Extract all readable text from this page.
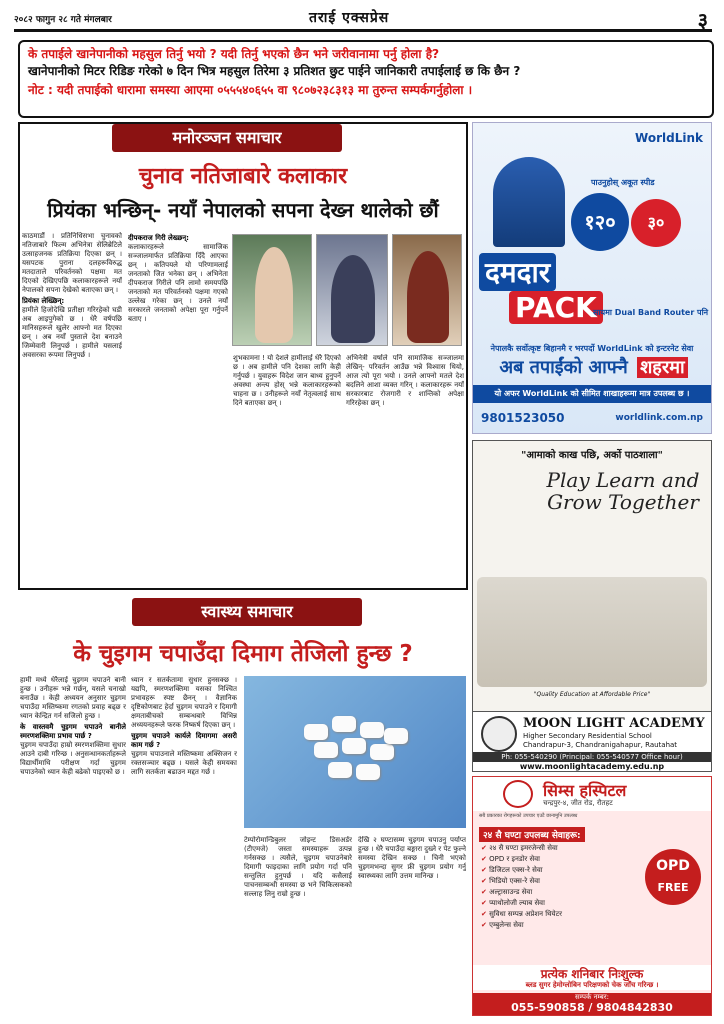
२०८२ फागुन २८ गते मंगलबार	तराई एक्सप्रेस	३

के तपाईले खानेपानीको महसुल तिर्नु भयो ? यदी तिर्नु भएको छैन भने जरीवानामा पर्नु होला है?

खानेपानीको मिटर रिडिङ गरेको ७ दिन भित्र महसुल तिरेमा ३ प्रतिशत छुट पाईने जानिकारी तपाईलाई छ कि छैन ?

नोट : यदी तपाईको धारामा समस्या आएमा ०५५५४०६५५ वा ९८०७२३८३१३ मा तुरुन्त सम्पर्कगर्नुहोला ।

मनोरञ्जन समाचार
चुनाव नतिजाबारे कलाकार
प्रियंका भन्छिन्- नयाँ नेपालको सपना देख्न थालेको छौं
काठमाडौं । प्रतिनिधिसभा चुनावको नतिजाबारे फिल्म अभिनेत्रा सेलिब्रेटिले उत्साहजनक प्रतिक्रिया दिएका छन् । यसपटक पुराना दलहरूविरुद्ध मतदाताले परिवर्तनको पक्षमा मत दिएको देखिएपछि कलाकारहरूले नयाँ नेपालको सपना देखेको बताएका छन् ।
प्रियंका लेख्छिन्:
हामीले हिजोदेखि प्रतीक्षा गरिरहेको घडी अब आइपुगेको छ । धेरै वर्षपछि मानिसहरूले खुलेर आफ्नो मत दिएका छन् । अब नयाँ पुस्ताले देश बनाउने जिम्मेवारी लिनुपर्छ । हामीले यसलाई अवसरका रूपमा लिनुपर्छ ।
दीपकराज गिरी लेख्छन्:
कलाकारहरूले सामाजिक सञ्जालमार्फत प्रतिक्रिया दिँदै आएका छन् । कतिपयले यो परिणामलाई जनताको जित भनेका छन् । अभिनेता दीपकराज गिरीले पनि लामो समयपछि जनताको मत परिवर्तनको पक्षमा गएको उल्लेख गरेका छन् । उनले नयाँ सरकारले जनताको अपेक्षा पूरा गर्नुपर्ने बताए ।
शुभकामना ! यो देशले हामीलाई धेरै दिएको छ । अब हामीले पनि देशका लागि केही गर्नुपर्छ । युवाहरू विदेश जान बाध्य हुनुपर्ने अवस्था अन्त्य होस् भन्ने कलाकारहरूको चाहना छ । उनीहरूले नयाँ नेतृत्वलाई साथ दिने बताएका छन् ।
अभिनेत्री वर्षाले पनि सामाजिक सञ्जालमा लेखिन्- परिवर्तन आउँछ भन्ने विश्वास थियो, आज त्यो पूरा भयो । उनले आफ्नो मतले देश बदलिने आशा व्यक्त गरिन् । कलाकारहरू नयाँ सरकारबाट रोजगारी र शान्तिको अपेक्षा गरिरहेका छन् ।
स्वास्थ्य समाचार
के चुइगम चपाउँदा दिमाग तेजिलो हुन्छ ?
हामी मध्ये धेरैलाई चुइगम चपाउने बानी हुन्छ । उनीहरू भन्ने गर्छन्, यसले चनाखो बनाउँछ । केही अध्ययन अनुसार चुइगम चपाउँदा मस्तिष्कमा रगतको प्रवाह बढ्छ र ध्यान केन्द्रित गर्न सजिलो हुन्छ ।
के वास्तवमै चुइगम चपाउने बानीले स्मरणशक्तिमा प्रभाव पार्छ ?
चुइगम चपाउँदा हाम्रो स्मरणशक्तिमा सुधार आउने दाबी गरिन्छ । अनुसन्धानकर्ताहरूले विद्यार्थीमाथि परीक्षण गर्दा चुइगम चपाउनेको ध्यान केही बढेको पाइएको छ ।
ध्यान र सतर्कतामा सुधार हुनसक्छ । यद्यपि, स्मरणशक्तिमा यसका निश्चित प्रभावहरू स्पष्ट छैनन् । वैज्ञानिक दृष्टिकोणबाट हेर्दा चुइगम चपाउने र दिमागी क्षमताबीचको सम्बन्धबारे विभिन्न अध्ययनहरूले फरक निष्कर्ष दिएका छन् ।
चुइगम चपाउने कार्यले दिमागमा असरी काम गर्छ ?
चुइगम चपाउनाले मस्तिष्कमा अक्सिजन र रक्तसञ्चार बढ्छ । यसले केही समयका लागि सतर्कता बढाउन मद्दत गर्छ ।
टेम्पोरोमान्डिबुलर जोइन्ट डिसअर्डर (टीएमजे) जस्ता समस्याहरू उत्पन्न गर्नसक्छ । त्यसैले, चुइगम चपाउनेबारे दिमागी फाइदाका लागि प्रयोग गर्दा पनि सन्तुलित हुनुपर्छ । यदि कसैलाई पाचनसम्बन्धी समस्या छ भने चिकित्सकको सल्लाह लिनु राम्रो हुन्छ ।
देखि २ घण्टासम्म चुइगम चपाउनु पर्याप्त हुन्छ । धेरै चपाउँदा बङ्गारा दुख्ने र पेट फुल्ने समस्या देखिन सक्छ । चिनी भएको चुइगमभन्दा सुगर फ्री चुइगम प्रयोग गर्नु स्वास्थ्यका लागि उत्तम मानिन्छ ।
WorldLink
पाउनुहोस् अकूत स्पीड
१२०	३०
दमदार
PACK
सायमा Dual Band Router पनि
नेपालकै सर्वोत्कृष्ट बिहानमै र भरपर्दो WorldLink को इन्टरनेट सेवा
अब तपाईंको आफ्नै शहरमा
यो अफर WorldLink को सीमित शाखाहरूमा मात्र उपलब्ध छ ।
9801523050	worldlink.com.np
"आमाको काख पछि, अर्को पाठशाला"
Play Learn and Grow Together
"Quality Education at Affordable Price"
MOON LIGHT ACADEMY
Higher Secondary Residential School
Chandrapur-3, Chandranigahapur, Rautahat
Ph: 055-540290 (Principal: 055-540577 Office hour)
www.moonlightacademy.edu.np
सिम्स हस्पिटल
चन्द्रपुर-४, जीत रोड, रौतहट
सबै प्रकारका रोगहरूको उपचार एउटै छानामुनि उपलब्ध
२४ सै घण्टा उपलब्ध सेवाहरू:
✔ २४ सै घण्टा इमरजेन्सी सेवा
✔ OPD र इनडोर सेवा
✔ डिजिटल एक्स-रे सेवा
✔ भिडियो एक्स-रे सेवा
✔ अल्ट्रासाउन्ड सेवा
✔ प्याथोलोजी ल्याब सेवा
✔ सुविधा सम्पन्न अप्रेशन थियेटर
✔ एम्बुलेन्स सेवा
OPD
FREE
प्रत्येक शनिबार निःशुल्क
ब्लड सुगर हेमोग्लोबिन परिक्षणको चेक जाँच गरिन्छ ।
सम्पर्क नम्बर:
055-590858 / 9804842830
